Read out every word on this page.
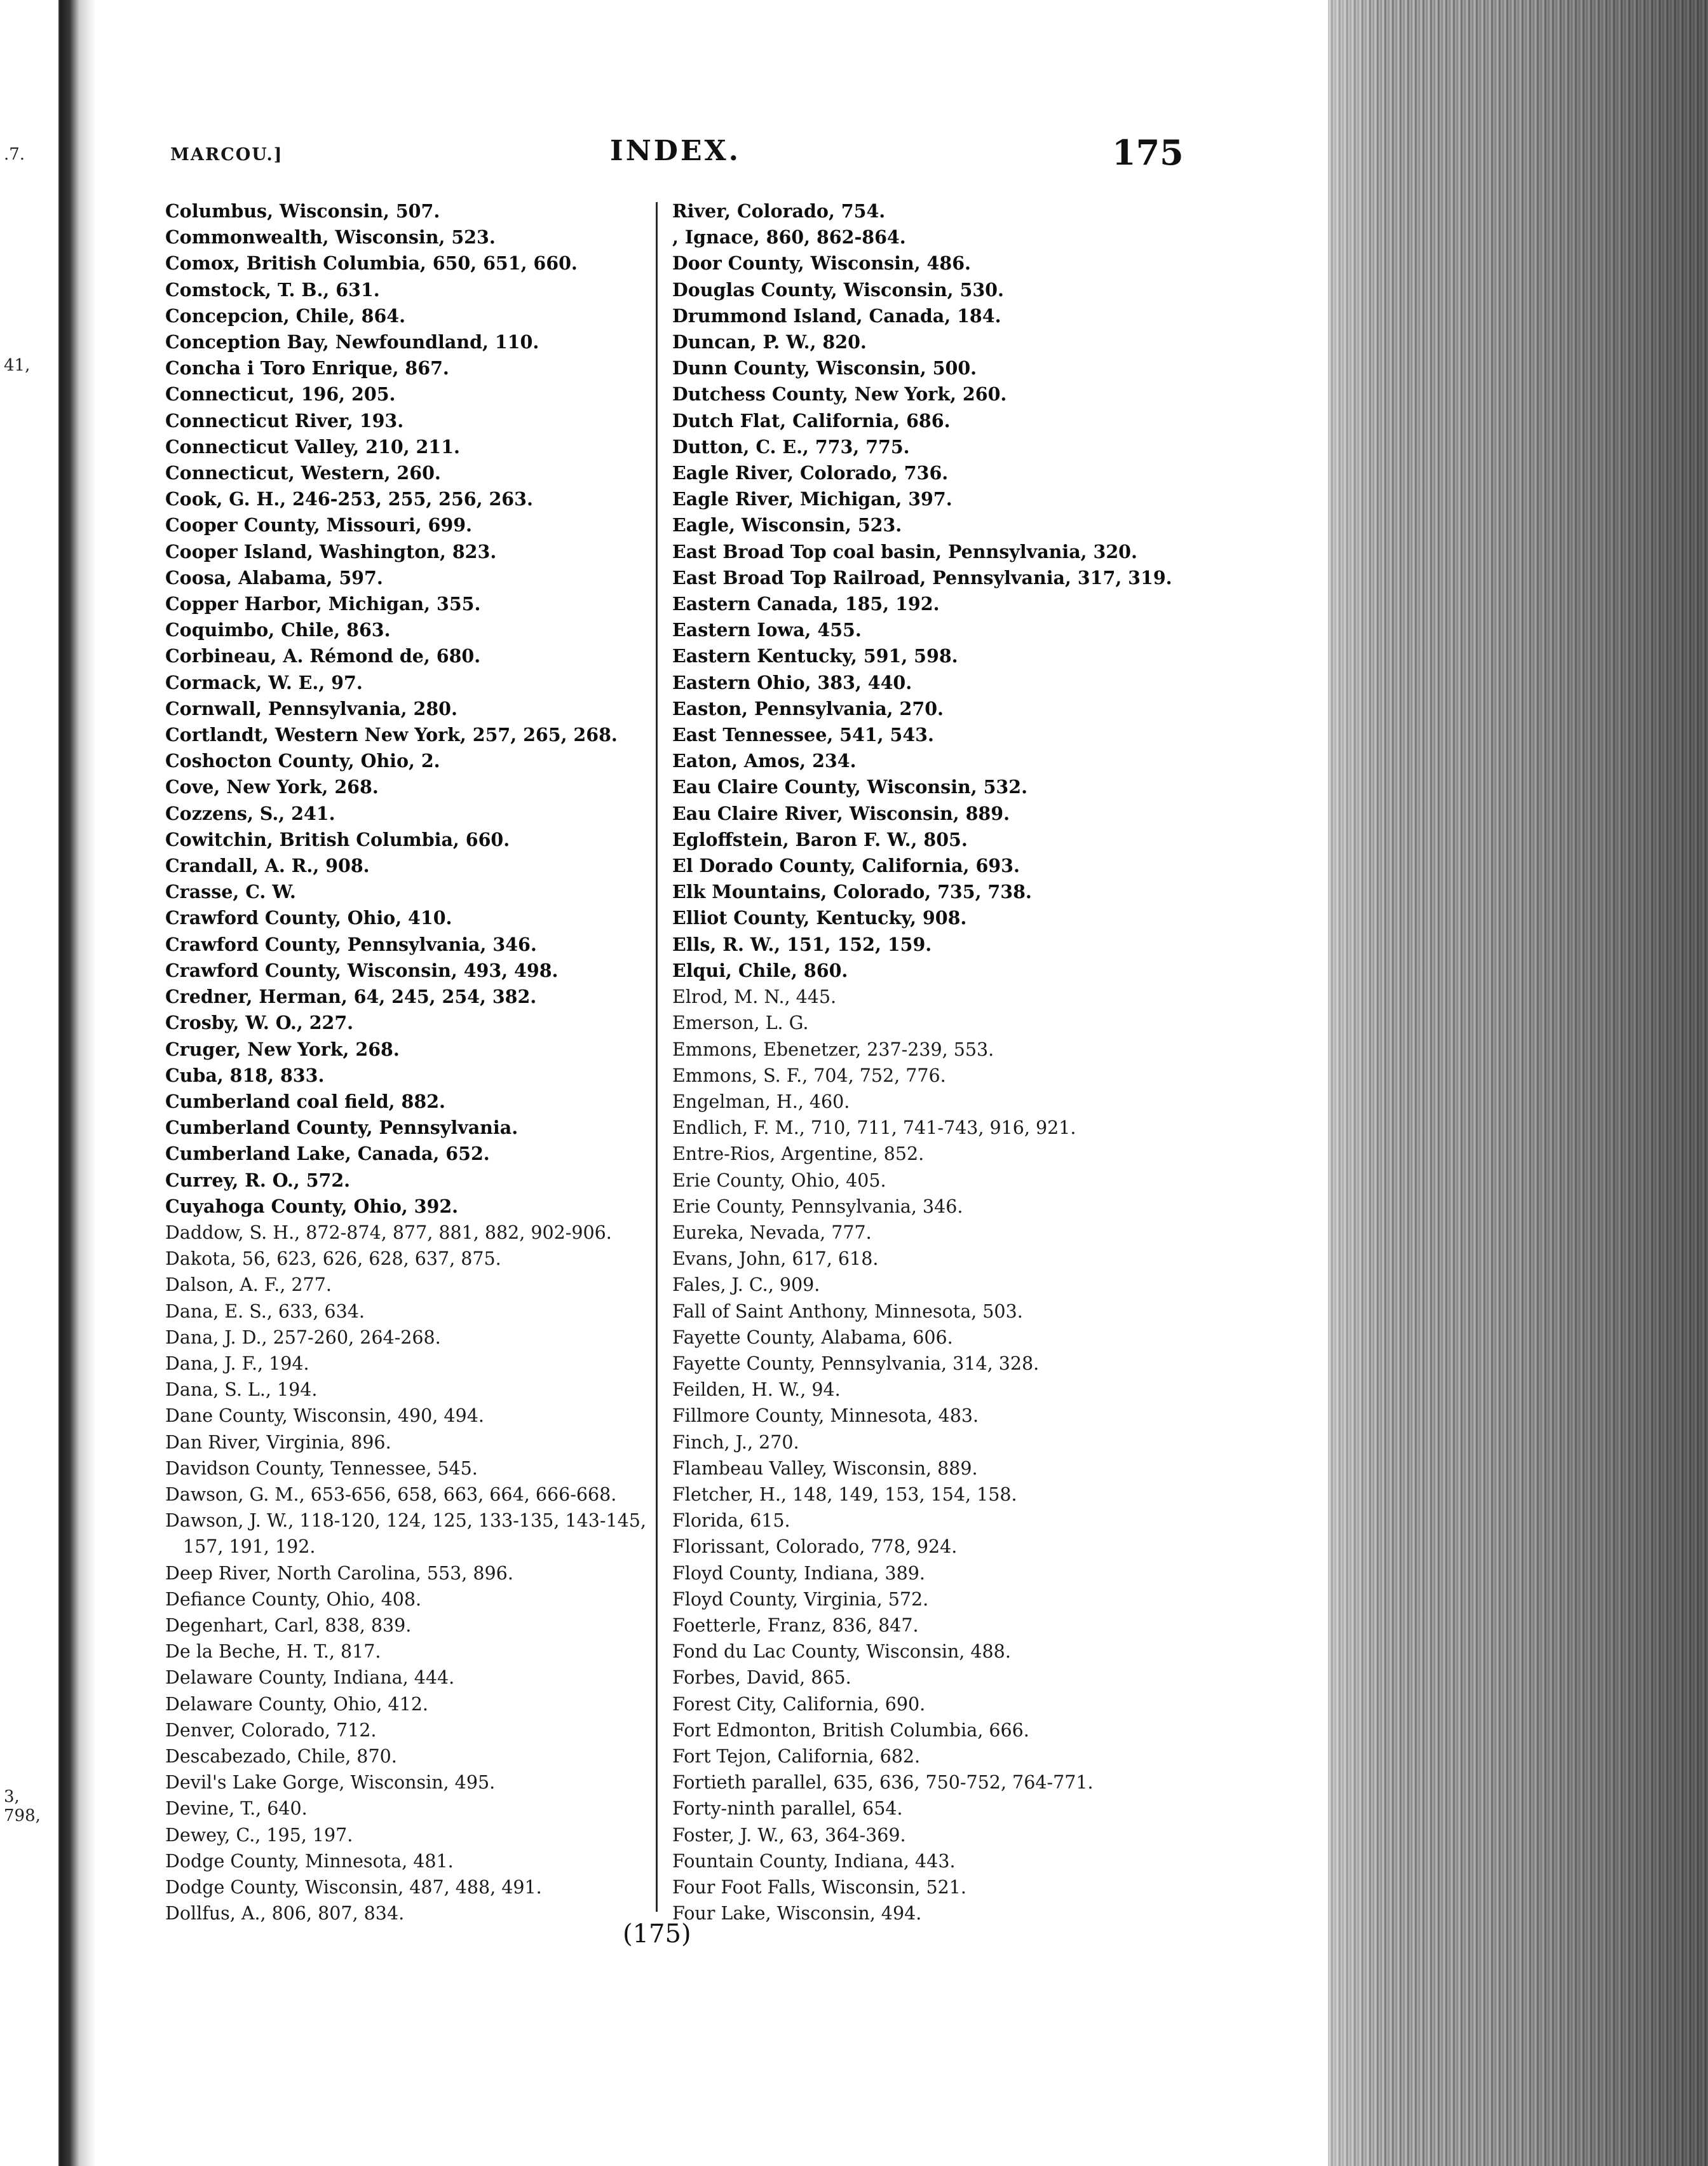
.7.
41,
3, 798,
MARCOU.]	INDEX.	175
Columbus, Wisconsin, 507.
Commonwealth, Wisconsin, 523.
Comox, British Columbia, 650, 651, 660.
Comstock, T. B., 631.
Concepcion, Chile, 864.
Conception Bay, Newfoundland, 110.
Concha i Toro Enrique, 867.
Connecticut, 196, 205.
Connecticut River, 193.
Connecticut Valley, 210, 211.
Connecticut, Western, 260.
Cook, G. H., 246-253, 255, 256, 263.
Cooper County, Missouri, 699.
Cooper Island, Washington, 823.
Coosa, Alabama, 597.
Copper Harbor, Michigan, 355.
Coquimbo, Chile, 863.
Corbineau, A. Rémond de, 680.
Cormack, W. E., 97.
Cornwall, Pennsylvania, 280.
Cortlandt, Western New York, 257, 265, 268.
Coshocton County, Ohio, 2.
Cove, New York, 268.
Cozzens, S., 241.
Cowitchin, British Columbia, 660.
Crandall, A. R., 908.
Crasse, C. W.
Crawford County, Ohio, 410.
Crawford County, Pennsylvania, 346.
Crawford County, Wisconsin, 493, 498.
Credner, Herman, 64, 245, 254, 382.
Crosby, W. O., 227.
Cruger, New York, 268.
Cuba, 818, 833.
Cumberland coal field, 882.
Cumberland County, Pennsylvania.
Cumberland Lake, Canada, 652.
Currey, R. O., 572.
Cuyahoga County, Ohio, 392.
Daddow, S. H., 872-874, 877, 881, 882, 902-906.
Dakota, 56, 623, 626, 628, 637, 875.
Dalson, A. F., 277.
Dana, E. S., 633, 634.
Dana, J. D., 257-260, 264-268.
Dana, J. F., 194.
Dana, S. L., 194.
Dane County, Wisconsin, 490, 494.
Dan River, Virginia, 896.
Davidson County, Tennessee, 545.
Dawson, G. M., 653-656, 658, 663, 664, 666-668.
Dawson, J. W., 118-120, 124, 125, 133-135, 143-145,
157, 191, 192.
Deep River, North Carolina, 553, 896.
Defiance County, Ohio, 408.
Degenhart, Carl, 838, 839.
De la Beche, H. T., 817.
Delaware County, Indiana, 444.
Delaware County, Ohio, 412.
Denver, Colorado, 712.
Descabezado, Chile, 870.
Devil's Lake Gorge, Wisconsin, 495.
Devine, T., 640.
Dewey, C., 195, 197.
Dodge County, Minnesota, 481.
Dodge County, Wisconsin, 487, 488, 491.
Dollfus, A., 806, 807, 834.
River, Colorado, 754.
, Ignace, 860, 862-864.
Door County, Wisconsin, 486.
Douglas County, Wisconsin, 530.
Drummond Island, Canada, 184.
Duncan, P. W., 820.
Dunn County, Wisconsin, 500.
Dutchess County, New York, 260.
Dutch Flat, California, 686.
Dutton, C. E., 773, 775.
Eagle River, Colorado, 736.
Eagle River, Michigan, 397.
Eagle, Wisconsin, 523.
East Broad Top coal basin, Pennsylvania, 320.
East Broad Top Railroad, Pennsylvania, 317, 319.
Eastern Canada, 185, 192.
Eastern Iowa, 455.
Eastern Kentucky, 591, 598.
Eastern Ohio, 383, 440.
Easton, Pennsylvania, 270.
East Tennessee, 541, 543.
Eaton, Amos, 234.
Eau Claire County, Wisconsin, 532.
Eau Claire River, Wisconsin, 889.
Egloffstein, Baron F. W., 805.
El Dorado County, California, 693.
Elk Mountains, Colorado, 735, 738.
Elliot County, Kentucky, 908.
Ells, R. W., 151, 152, 159.
Elqui, Chile, 860.
Elrod, M. N., 445.
Emerson, L. G.
Emmons, Ebenetzer, 237-239, 553.
Emmons, S. F., 704, 752, 776.
Engelman, H., 460.
Endlich, F. M., 710, 711, 741-743, 916, 921.
Entre-Rios, Argentine, 852.
Erie County, Ohio, 405.
Erie County, Pennsylvania, 346.
Eureka, Nevada, 777.
Evans, John, 617, 618.
Fales, J. C., 909.
Fall of Saint Anthony, Minnesota, 503.
Fayette County, Alabama, 606.
Fayette County, Pennsylvania, 314, 328.
Feilden, H. W., 94.
Fillmore County, Minnesota, 483.
Finch, J., 270.
Flambeau Valley, Wisconsin, 889.
Fletcher, H., 148, 149, 153, 154, 158.
Florida, 615.
Florissant, Colorado, 778, 924.
Floyd County, Indiana, 389.
Floyd County, Virginia, 572.
Foetterle, Franz, 836, 847.
Fond du Lac County, Wisconsin, 488.
Forbes, David, 865.
Forest City, California, 690.
Fort Edmonton, British Columbia, 666.
Fort Tejon, California, 682.
Fortieth parallel, 635, 636, 750-752, 764-771.
Forty-ninth parallel, 654.
Foster, J. W., 63, 364-369.
Fountain County, Indiana, 443.
Four Foot Falls, Wisconsin, 521.
Four Lake, Wisconsin, 494.
(175)
